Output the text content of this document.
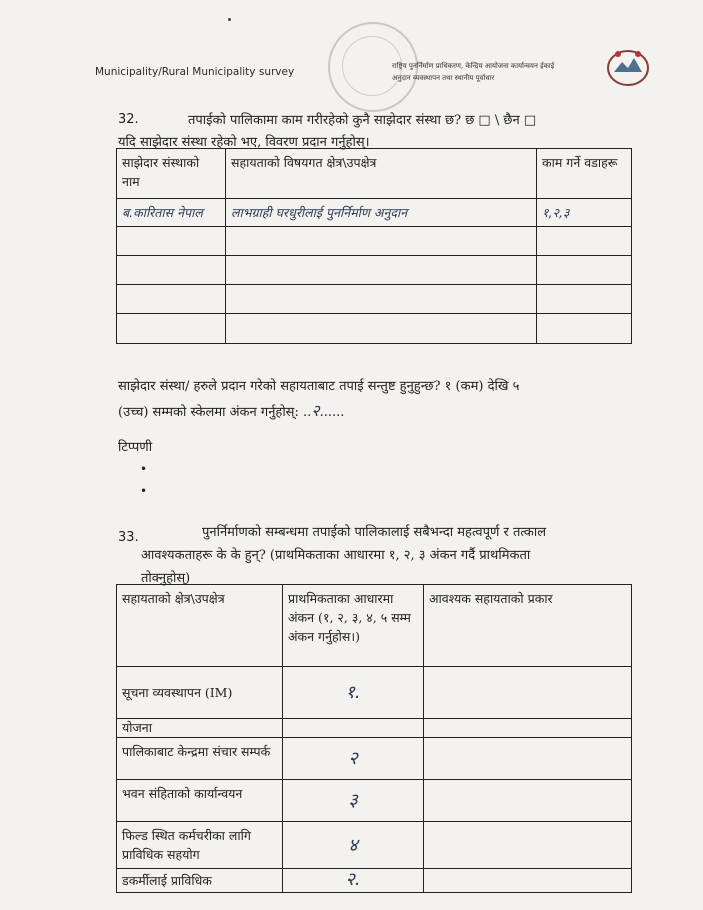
Municipality/Rural Municipality survey	राष्ट्रिय पुनर्निर्माण प्राधिकरण, केन्द्रिय आयोजना कार्यान्वयन ईकाई
अनुदान व्यवस्थापन तथा स्थानीय पूर्वाधार
32.	तपाईको पालिकामा काम गरीरहेको कुनै साझेदार संस्था छ? छ □ \ छैन □
यदि साझेदार संस्था रहेको भए, विवरण प्रदान गर्नुहोस्।
साझेदार संस्थाको नाम	सहायताको विषयगत क्षेत्र\उपक्षेत्र	काम गर्ने वडाहरू
ब.कारितास नेपाल	लाभग्राही घरधुरीलाई पुनर्निर्माण अनुदान	१,२,३

साझेदार संस्था/ हरुले प्रदान गरेको सहायताबाट तपाई सन्तुष्ट हुनुहुन्छ? १ (कम) देखि ५
(उच्च) सम्मको स्केलमा अंकन गर्नुहोस्: ..२......
टिप्पणी
•
•
33.	पुनर्निर्माणको सम्बन्धमा तपाईको पालिकालाई सबैभन्दा महत्वपूर्ण र तत्काल
आवश्यकताहरू के के हुन्? (प्राथमिकताका आधारमा १, २, ३ अंकन गर्दै प्राथमिकता
तोक्नुहोस्)
सहायताको क्षेत्र\उपक्षेत्र	प्राथमिकताका आधारमा अंकन (१, २, ३, ४, ५ सम्म अंकन गर्नुहोस।)	आवश्यक सहायताको प्रकार
सूचना व्यवस्थापन (IM)	१.	
योजना		
पालिकाबाट केन्द्रमा संचार सम्पर्क	२	
भवन संहिताको कार्यान्वयन	३	
फिल्ड स्थित कर्मचरीका लागि प्राविधिक सहयोग	४	
डकर्मीलाई प्राविधिक	२.	
